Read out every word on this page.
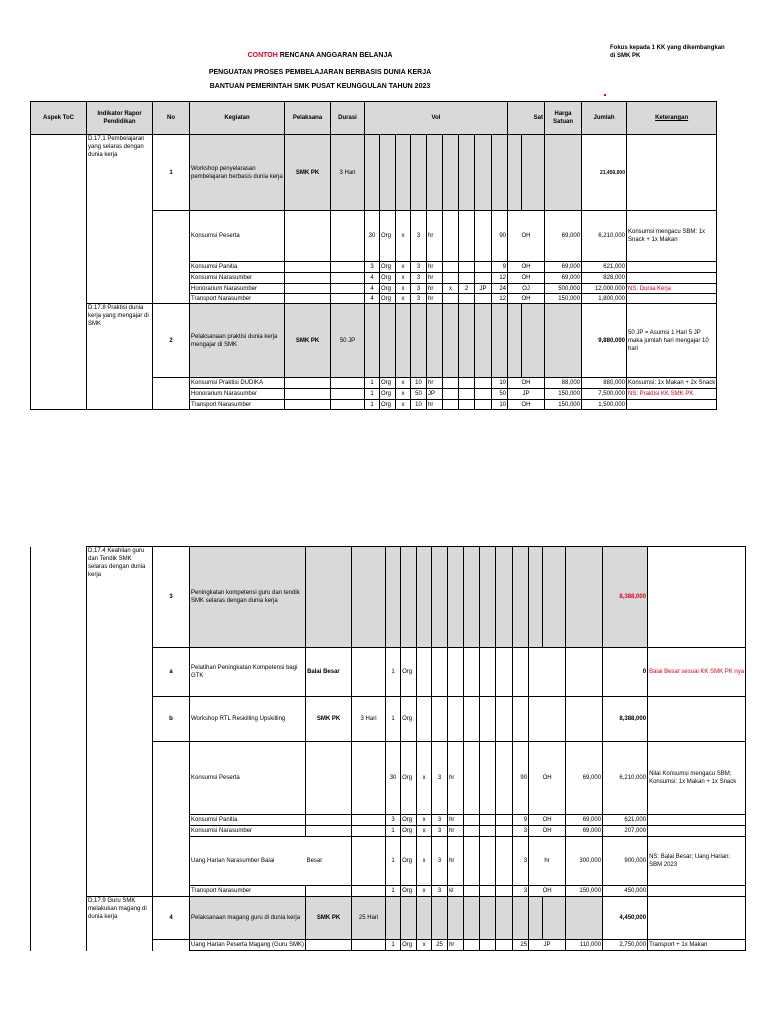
CONTOH RENCANA ANGGARAN BELANJA
PENGUATAN PROSES PEMBELAJARAN BERBASIS DUNIA KERJA
BANTUAN PEMERINTAH SMK PUSAT KEUNGGULAN TAHUN 2023
Fokus kepada 1 KK yang dikembangkan di SMK PK
Aspek ToC	Indikator Rapor Pendidikan	No	Kegiatan	Pelaksana	Durasi	Vol									Sat		Harga Satuan	Jumlah	Keterangan
	D.17.1 Pembelajaran yang selaras dengan dunia kerja	1	Workshop penyelarasan pembelajaran berbasis dunia kerja	SMK PK	3 Hari													21,450,000	
			Konsumsi Peserta			30	Org	x	3	hr				90	OH		69,000	6,210,000	Konsumsi mengacu SBM: 1x Snack + 1x Makan
			Konsumsi Panitia			3	Org	x	3	hr				9	OH		69,000	621,000	
			Konsumsi Narasumber			4	Org	x	3	hr				12	OH		69,000	828,000	
			Honorarium Narasumber			4	Org	x	3	hr	x	2	JP	24	OJ		500,000	12,000,000	NS: Dunia Kerja
			Transport Narasumber			4	Org	x	3	hr				12	OH		150,000	1,800,000	
	D.17.8 Praktisi dunia kerja yang mengajar di SMK	2	Pelaksanaan praktisi dunia kerja mengajar di SMK	SMK PK	50 JP													9,880,000	50 JP = Asumsi 1 Hari 5 JP maka jumlah hari mengajar 10 hari
			Konsumsi Praktisi DUDIKA			1	Org	x	10	hr				10	OH		88,000	880,000	Konsumsi: 1x Makan + 2x Snack
			Honorarium Narasumber			1	Org	x	50	JP				50	JP		150,000	7,500,000	NS: Praktisi KK SMK PK
			Transport Narasumber			1	Org	x	10	hr				10	OH		150,000	1,500,000	
	D.17.4 Keahlian guru dan Tendik SMK selaras dengan dunia kerja	3	Peningkatan kompetensi guru dan tendik SMK selaras dengan dunia kerja															8,388,000	
		a	Pelatihan Peningkatan Kompetensi bagi GTK	Balai Besar		1	Org											0	Balai Besar sesuai KK SMK PK nya
		b	Workshop RTL Reskilling Upskilling	SMK PK	3 Hari	1	Org											8,388,000	
			Konsumsi Peserta			30	Org	x	3	hr				90	OH		69,000	6,210,000	Nilai Konsumsi mengacu SBM; Konsumsi: 1x Makan + 1x Snack
			Konsumsi Panitia			3	Org	x	3	hr				9	OH		69,000	621,000	
			Konsumsi Narasumber			1	Org	x	3	hr				3	OH		69,000	207,000	
			Uang Harian Narasumber Balai	Besar		1	Org	x	3	hr				3	hr		300,000	900,000	NS: Balai Besar; Uang Harian: SBM 2023
			Transport Narasumber			1	Org	x	3	kl				3	OH		150,000	450,000	
	D.17.9 Guru SMK melakukan magang di dunia kerja	4	Pelaksanaan magang guru di dunia kerja	SMK PK	25 Hari													4,450,000	
			Uang Harian Peserta Magang (Guru SMK)			1	Org	x	25	hr				25	JP		110,000	2,750,000	Transport + 1x Makan
